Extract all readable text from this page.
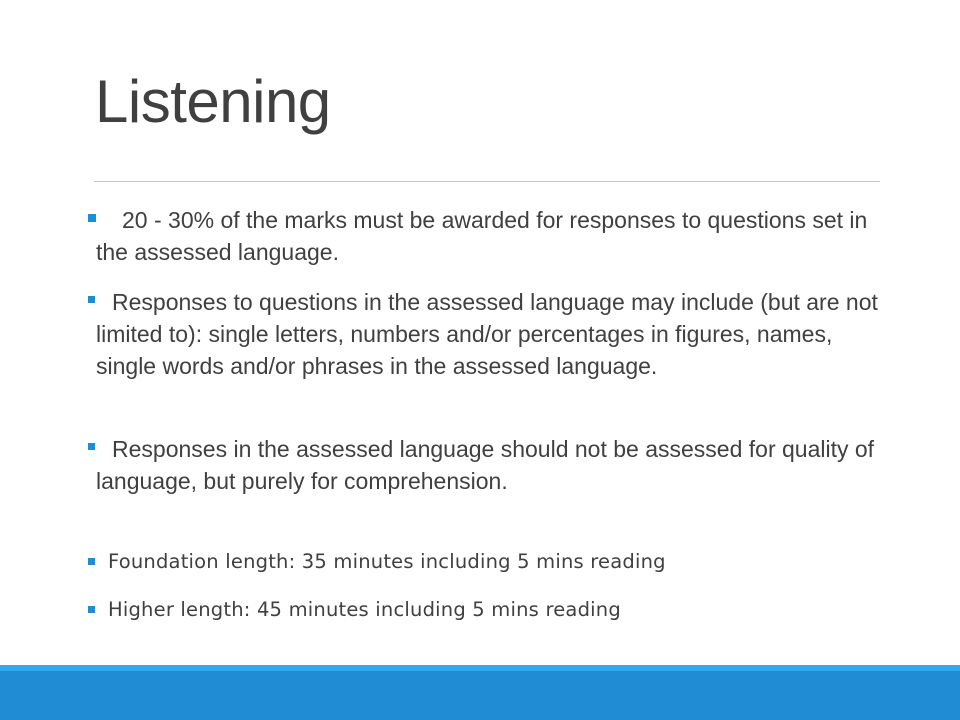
Listening
20 - 30% of the marks must be awarded for responses to questions set in the assessed language.
Responses to questions in the assessed language may include (but are not limited to): single letters, numbers and/or percentages in figures, names, single words and/or phrases in the assessed language.
Responses in the assessed language should not be assessed for quality of language, but purely for comprehension.
Foundation length: 35 minutes including 5 mins reading
Higher length: 45 minutes including 5 mins reading
